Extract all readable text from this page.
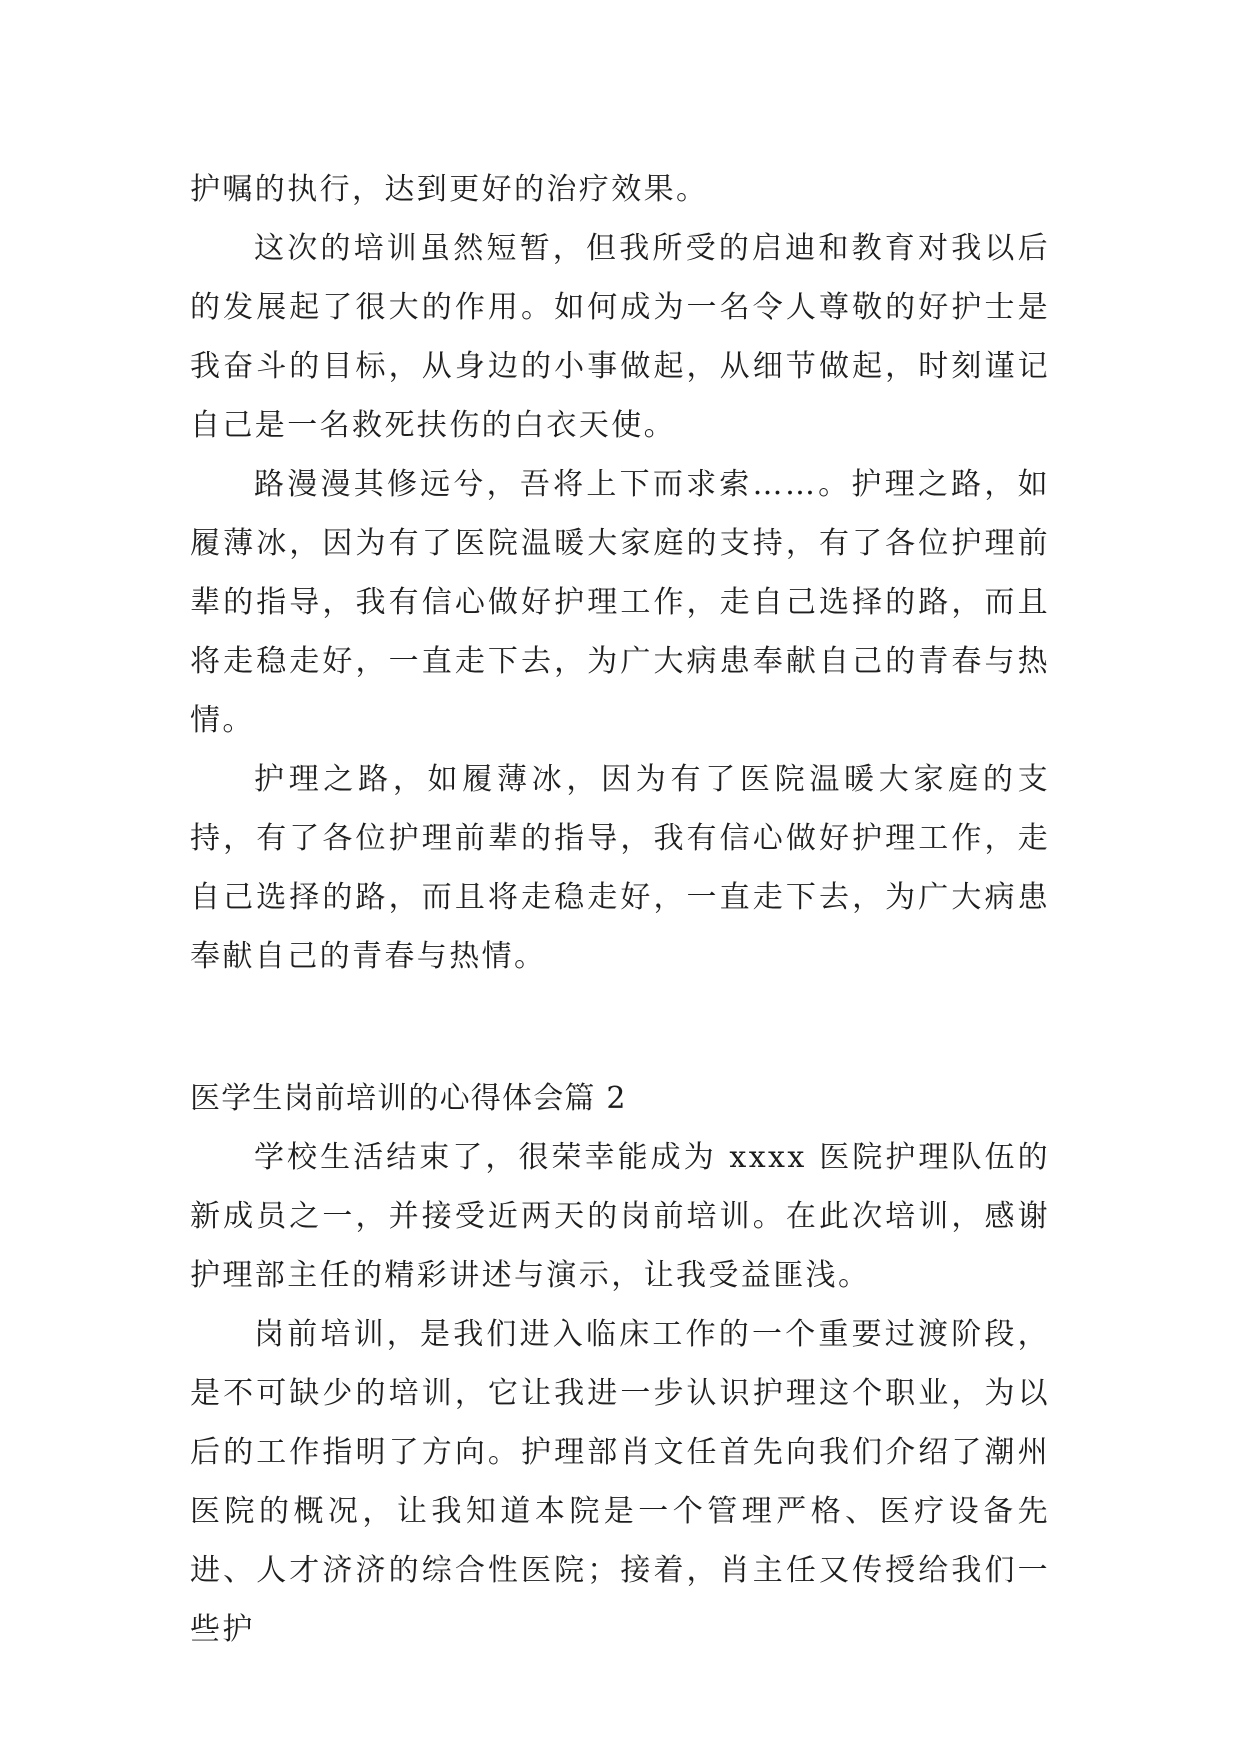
护嘱的执行，达到更好的治疗效果。

这次的培训虽然短暂，但我所受的启迪和教育对我以后的发展起了很大的作用。如何成为一名令人尊敬的好护士是我奋斗的目标，从身边的小事做起，从细节做起，时刻谨记自己是一名救死扶伤的白衣天使。

路漫漫其修远兮，吾将上下而求索……。护理之路，如履薄冰，因为有了医院温暖大家庭的支持，有了各位护理前辈的指导，我有信心做好护理工作，走自己选择的路，而且将走稳走好，一直走下去，为广大病患奉献自己的青春与热情。

护理之路，如履薄冰，因为有了医院温暖大家庭的支持，有了各位护理前辈的指导，我有信心做好护理工作，走自己选择的路，而且将走稳走好，一直走下去，为广大病患奉献自己的青春与热情。

医学生岗前培训的心得体会篇 2

学校生活结束了，很荣幸能成为 xxxx 医院护理队伍的新成员之一，并接受近两天的岗前培训。在此次培训，感谢护理部主任的精彩讲述与演示，让我受益匪浅。

岗前培训，是我们进入临床工作的一个重要过渡阶段，是不可缺少的培训，它让我进一步认识护理这个职业，为以后的工作指明了方向。护理部肖文任首先向我们介绍了潮州医院的概况，让我知道本院是一个管理严格、医疗设备先进、人才济济的综合性医院；接着，肖主任又传授给我们一些护
